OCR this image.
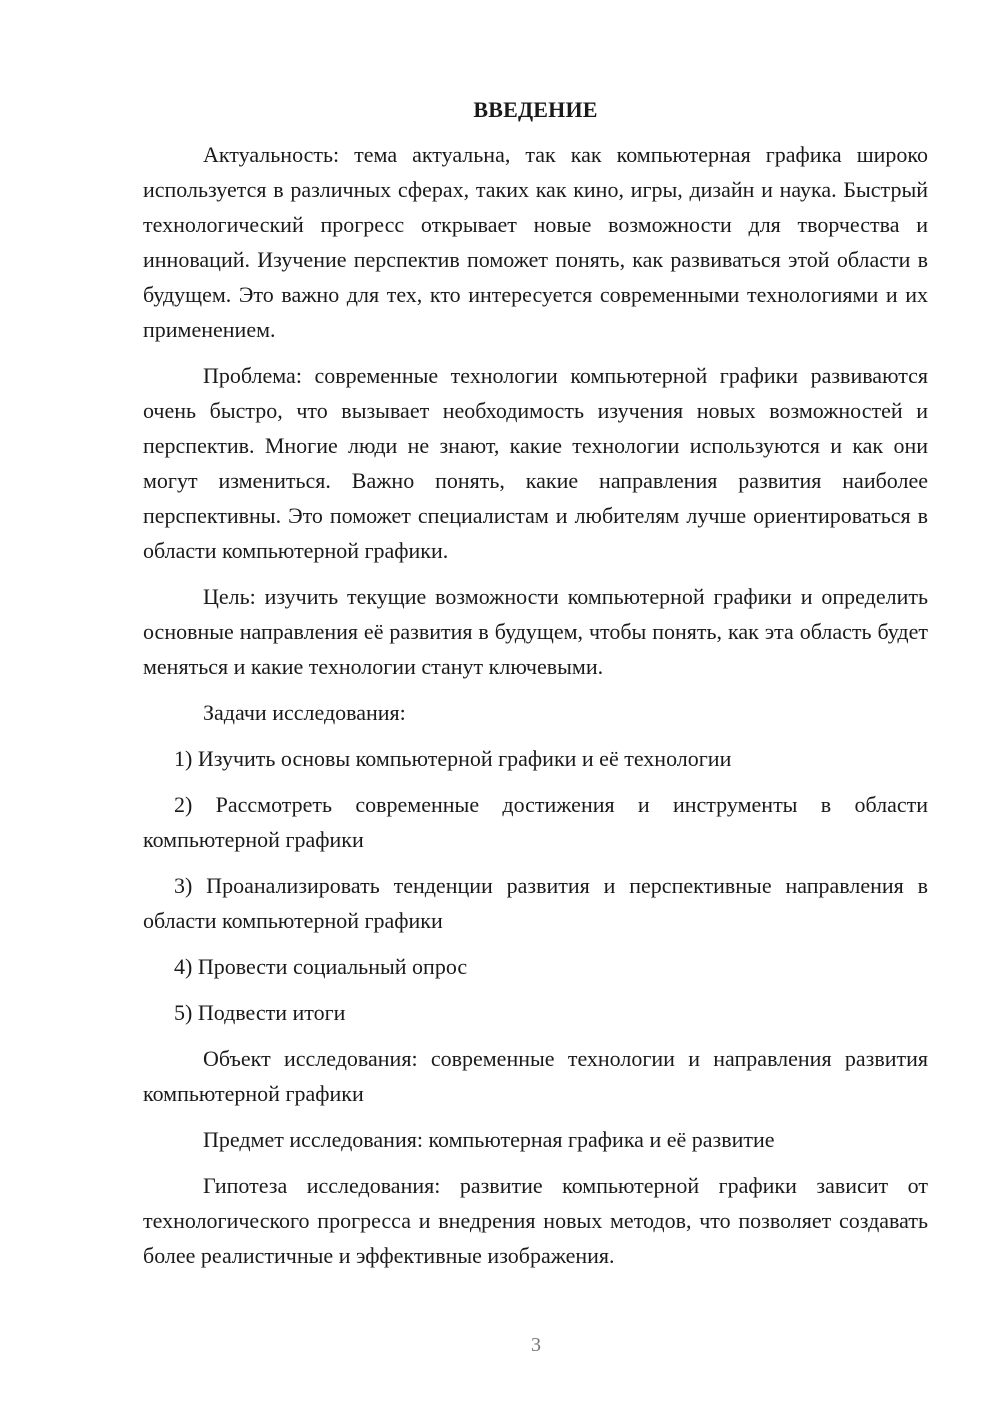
ВВЕДЕНИЕ

Актуальность: тема актуальна, так как компьютерная графика широко используется в различных сферах, таких как кино, игры, дизайн и наука. Быстрый технологический прогресс открывает новые возможности для творчества и инноваций. Изучение перспектив поможет понять, как развиваться этой области в будущем. Это важно для тех, кто интересуется современными технологиями и их применением.

Проблема: современные технологии компьютерной графики развиваются очень быстро, что вызывает необходимость изучения новых возможностей и перспектив. Многие люди не знают, какие технологии используются и как они могут измениться. Важно понять, какие направления развития наиболее перспективны. Это поможет специалистам и любителям лучше ориентироваться в области компьютерной графики.

Цель: изучить текущие возможности компьютерной графики и определить основные направления её развития в будущем, чтобы понять, как эта область будет меняться и какие технологии станут ключевыми.

Задачи исследования:

1) Изучить основы компьютерной графики и её технологии
2) Рассмотреть современные достижения и инструменты в области компьютерной графики
3) Проанализировать тенденции развития и перспективные направления в области компьютерной графики
4) Провести социальный опрос
5) Подвести итоги

Объект исследования: современные технологии и направления развития компьютерной графики

Предмет исследования: компьютерная графика и её развитие

Гипотеза исследования: развитие компьютерной графики зависит от технологического прогресса и внедрения новых методов, что позволяет создавать более реалистичные и эффективные изображения.

3
